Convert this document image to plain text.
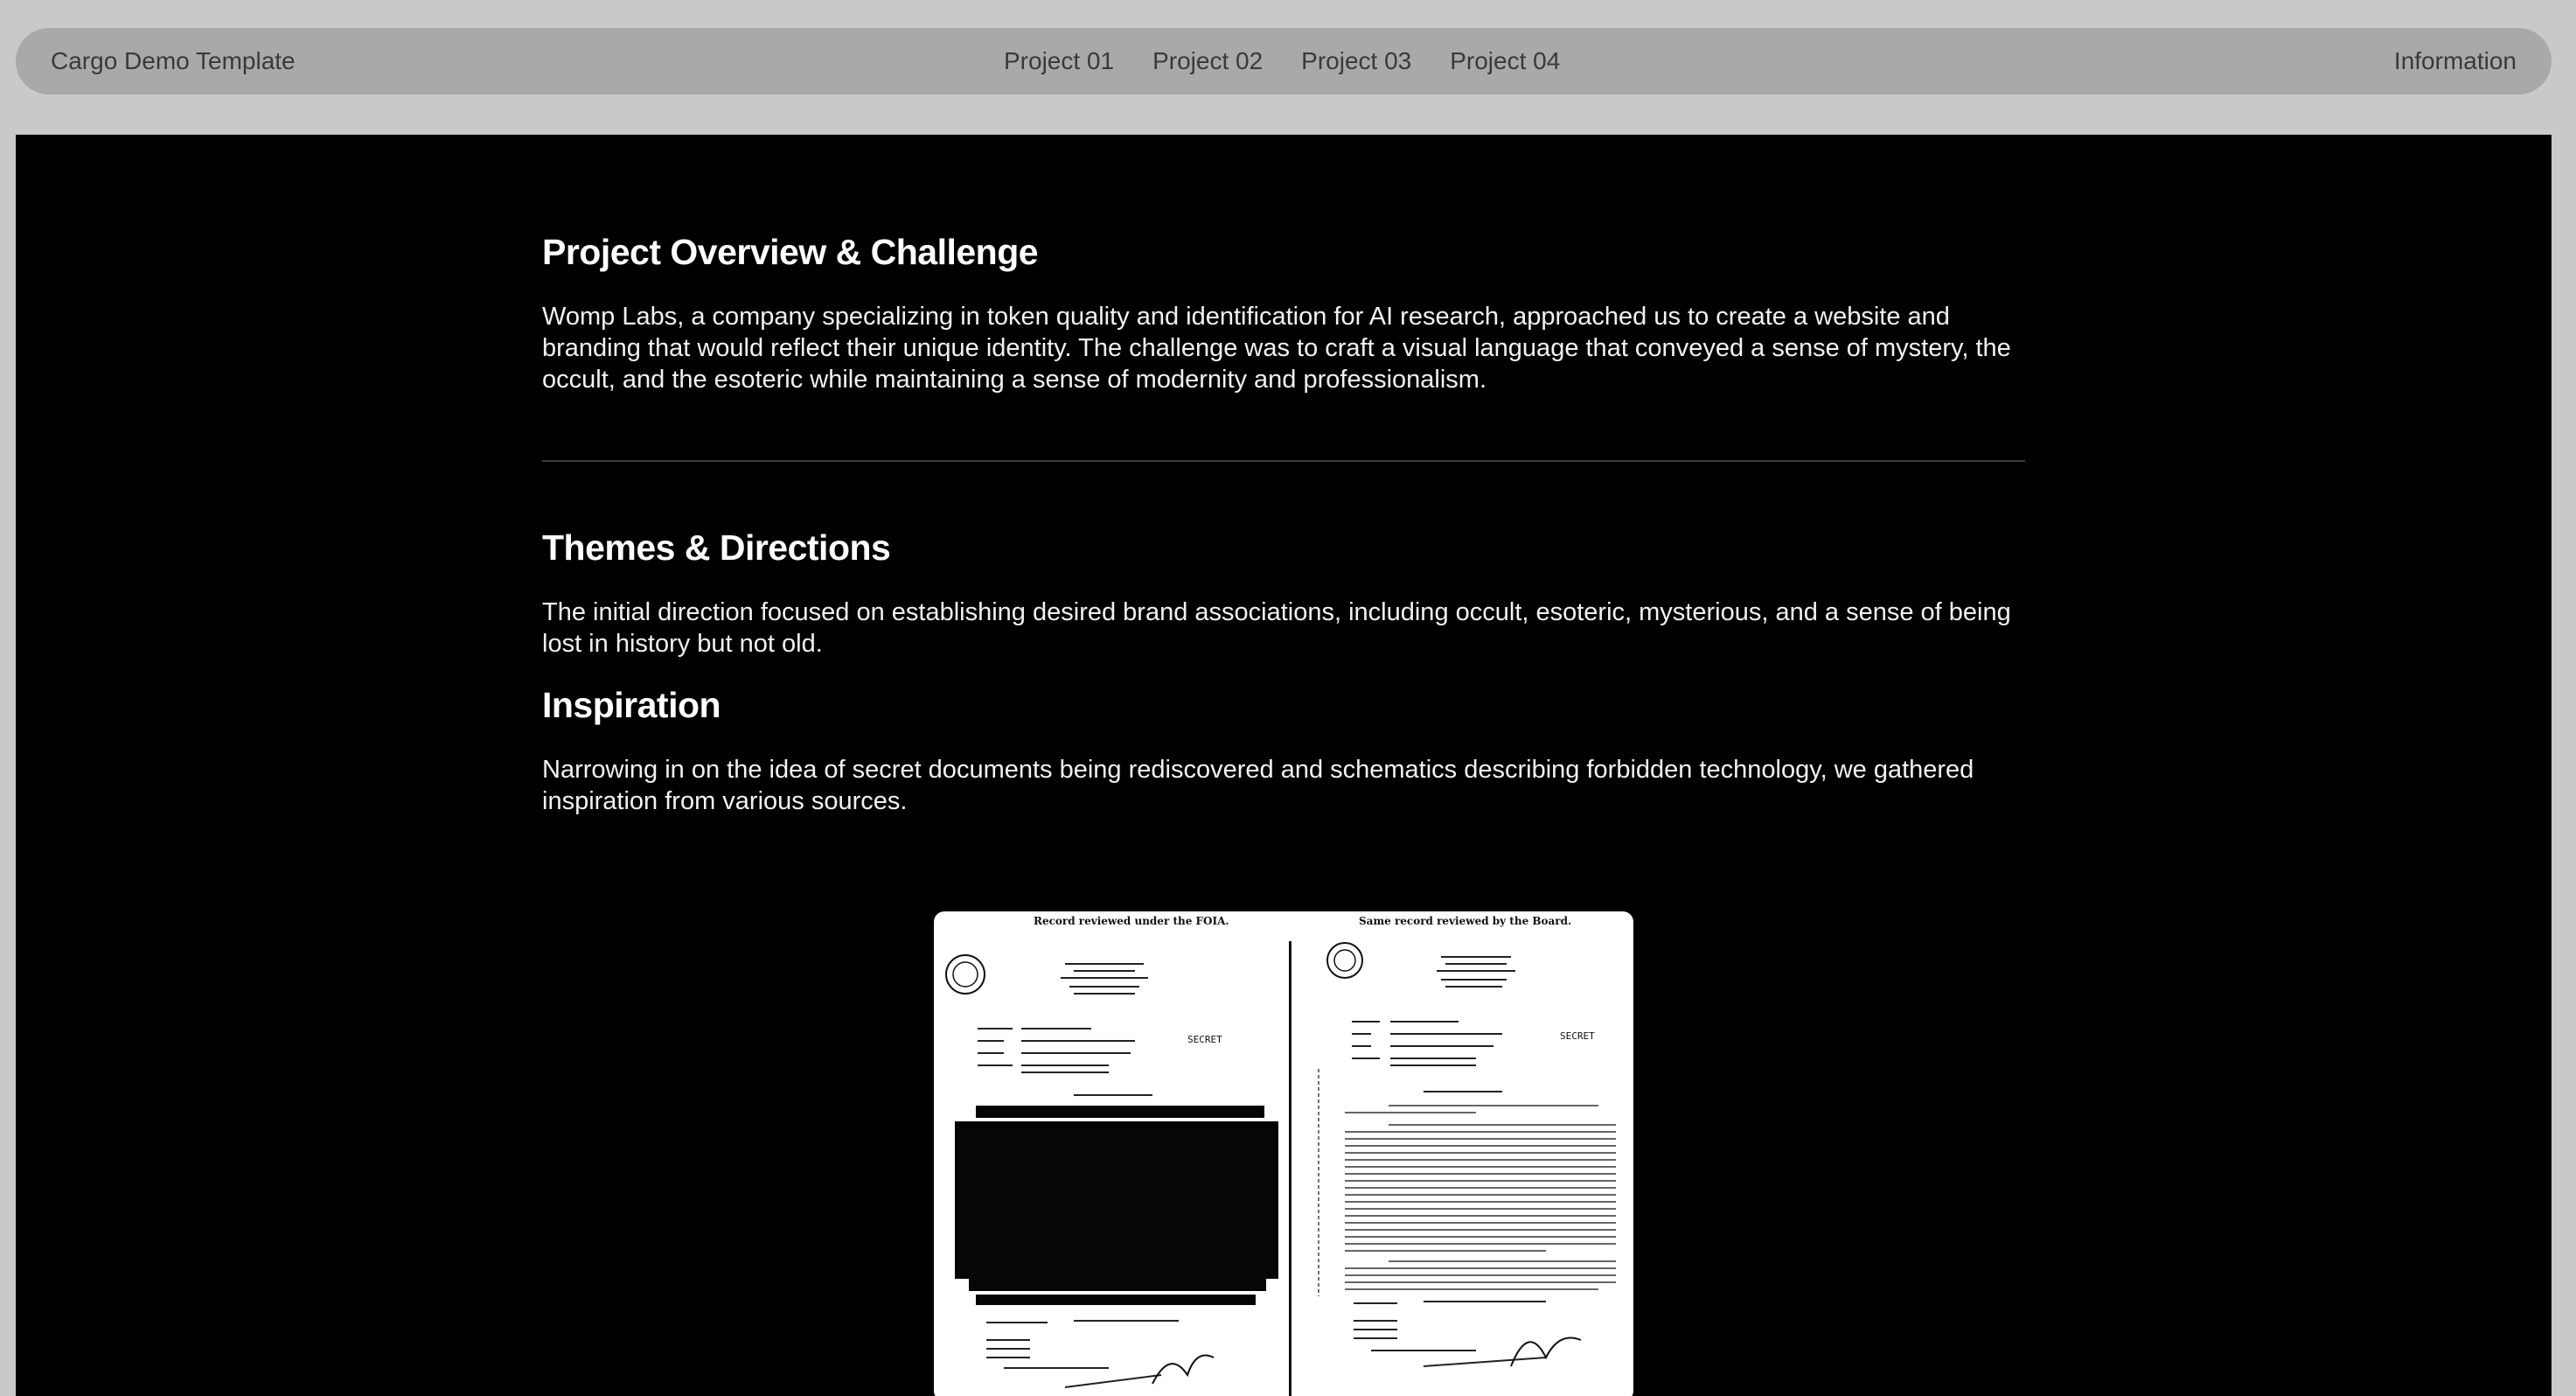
Cargo Demo Template	Project 01 Project 02 Project 03 Project 04	Information
Project Overview & Challenge

Womp Labs, a company specializing in token quality and identification for AI research, approached us to create a website and branding that would reflect their unique identity. The challenge was to craft a visual language that conveyed a sense of mystery, the occult, and the esoteric while maintaining a sense of modernity and professionalism.

Themes & Directions

The initial direction focused on establishing desired brand associations, including occult, esoteric, mysterious, and a sense of being lost in history but not old.

Inspiration

Narrowing in on the idea of secret documents being rediscovered and schematics describing forbidden technology, we gathered inspiration from various sources.

Record reviewed under the FOIA.	Same record reviewed by the Board.
SECRET	SECRET
